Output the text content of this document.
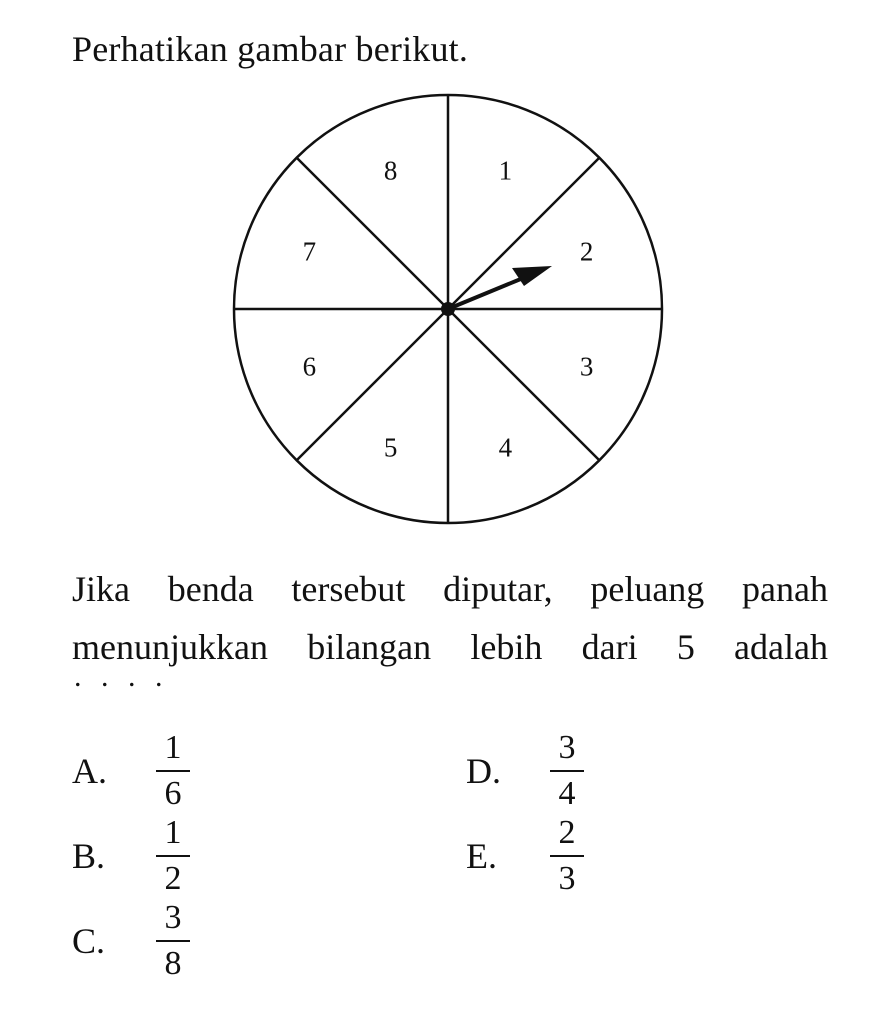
Perhatikan gambar berikut.
1
2
3
4
5
6
7
8
Jika benda tersebut diputar, peluang panah menunjukkan bilangan lebih dari 5 adalah
. . . .
A.
1
6
B.
1
2
C.
3
8
D.
3
4
E.
2
3
